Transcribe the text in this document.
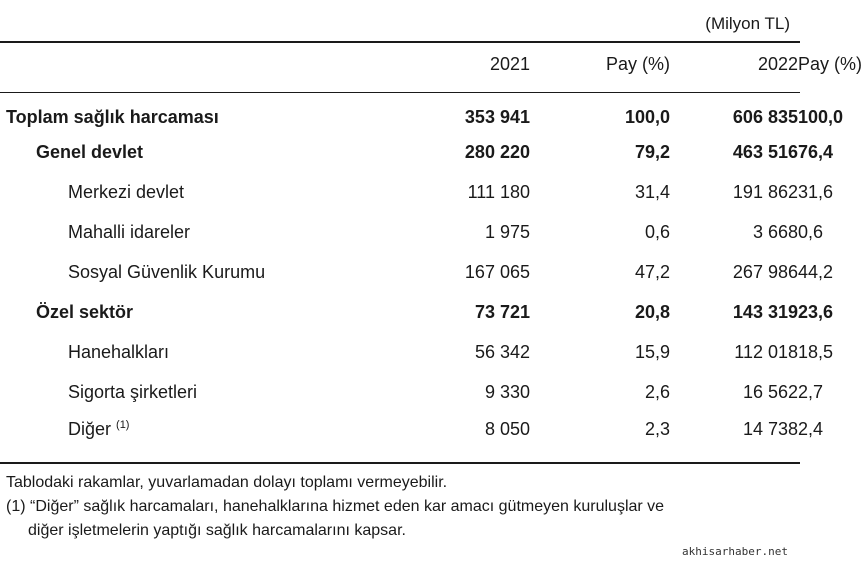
(Milyon TL)
	2021	Pay (%)	2022	Pay (%)
Toplam sağlık harcaması	353 941	100,0	606 835	100,0
Genel devlet	280 220	79,2	463 516	76,4
Merkezi devlet	111 180	31,4	191 862	31,6
Mahalli idareler	1 975	0,6	3 668	0,6
Sosyal Güvenlik Kurumu	167 065	47,2	267 986	44,2
Özel sektör	73 721	20,8	143 319	23,6
Hanehalkları	56 342	15,9	112 018	18,5
Sigorta şirketleri	9 330	2,6	16 562	2,7
Diğer $^{(1)}$	8 050	2,3	14 738	2,4

Tablodaki rakamlar, yuvarlamadan dolayı toplamı vermeyebilir.

(1) “Diğer” sağlık harcamaları, hanehalklarına hizmet eden kar amacı gütmeyen kuruluşlar ve

diğer işletmelerin yaptığı sağlık harcamalarını kapsar.

akhisarhaber.net
